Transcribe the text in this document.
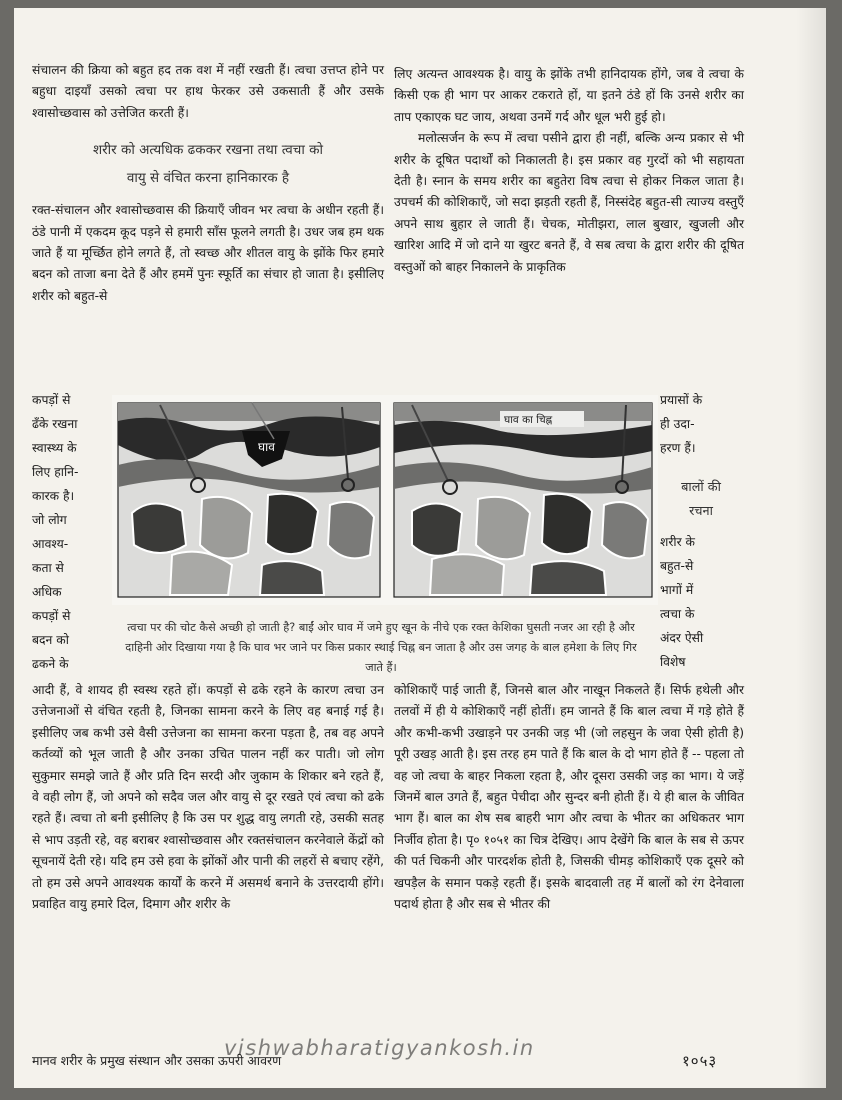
संचालन की क्रिया को बहुत हद तक वश में नहीं रखती हैं। त्वचा उत्तप्त होने पर बहुधा दाइयाँ उसको त्वचा पर हाथ फेरकर उसे उकसाती हैं और उसके श्वासोच्छवास को उत्तेजित करती हैं।

शरीर को अत्यधिक ढककर रखना तथा त्वचा को
वायु से वंचित करना हानिकारक है

रक्त-संचालन और श्वासोच्छवास की क्रियाएँ जीवन भर त्वचा के अधीन रहती हैं। ठंडे पानी में एकदम कूद पड़ने से हमारी साँस फूलने लगती है। उधर जब हम थक जाते हैं या मूर्च्छित होने लगते हैं, तो स्वच्छ और शीतल वायु के झोंके फिर हमारे बदन को ताजा बना देते हैं और हममें पुनः स्फूर्ति का संचार हो जाता है। इसीलिए शरीर को बहुत-से

लिए अत्यन्त आवश्यक है। वायु के झोंके तभी हानिदायक होंगे, जब वे त्वचा के किसी एक ही भाग पर आकर टकराते हों, या इतने ठंडे हों कि उनसे शरीर का ताप एकाएक घट जाय, अथवा उनमें गर्द और धूल भरी हुई हो।

मलोत्सर्जन के रूप में त्वचा पसीने द्वारा ही नहीं, बल्कि अन्य प्रकार से भी शरीर के दूषित पदार्थों को निकालती है। इस प्रकार वह गुरदों को भी सहायता देती है। स्नान के समय शरीर का बहुतेरा विष त्वचा से होकर निकल जाता है। उपचर्म की कोशिकाएँ, जो सदा झड़ती रहती हैं, निस्संदेह बहुत-सी त्याज्य वस्तुएँ अपने साथ बुहार ले जाती हैं। चेचक, मोतीझरा, लाल बुखार, खुजली और खारिश आदि में जो दाने या खुरट बनते हैं, वे सब त्वचा के द्वारा शरीर की दूषित वस्तुओं को बाहर निकालने के प्राकृतिक

कपड़ों से
ढँके रखना
स्वास्थ्य के
लिए हानि-
कारक है।
जो लोग
आवश्य-
कता से
अधिक
कपड़ों से
बदन को
ढकने के
प्रयासों के
ही उदा-
हरण हैं।
बालों की
रचना
शरीर के
बहुत-से
भागों में
त्वचा के
अंदर ऐसी
विशेष
घाव
घाव का चिह्न
त्वचा पर की चोट कैसे अच्छी हो जाती है? बाईं ओर घाव में जमे हुए खून के नीचे एक रक्त केशिका घुसती नजर आ रही है और दाहिनी ओर दिखाया गया है कि घाव भर जाने पर किस प्रकार स्थाई चिह्न बन जाता है और उस जगह के बाल हमेशा के लिए गिर जाते हैं।

आदी हैं, वे शायद ही स्वस्थ रहते हों। कपड़ों से ढके रहने के कारण त्वचा उन उत्तेजनाओं से वंचित रहती है, जिनका सामना करने के लिए वह बनाई गई है। इसीलिए जब कभी उसे वैसी उत्तेजना का सामना करना पड़ता है, तब वह अपने कर्तव्यों को भूल जाती है और उनका उचित पालन नहीं कर पाती। जो लोग सुकुमार समझे जाते हैं और प्रति दिन सरदी और जुकाम के शिकार बने रहते हैं, वे वही लोग हैं, जो अपने को सदैव जल और वायु से दूर रखते एवं त्वचा को ढके रहते हैं। त्वचा तो बनी इसीलिए है कि उस पर शुद्ध वायु लगती रहे, उसकी सतह से भाप उड़ती रहे, वह बराबर श्वासोच्छवास और रक्तसंचालन करनेवाले केंद्रों को सूचनायें देती रहे। यदि हम उसे हवा के झोंकों और पानी की लहरों से बचाए रहेंगे, तो हम उसे अपने आवश्यक कार्यों के करने में असमर्थ बनाने के उत्तरदायी होंगे। प्रवाहित वायु हमारे दिल, दिमाग और शरीर के

कोशिकाएँ पाई जाती हैं, जिनसे बाल और नाखून निकलते हैं। सिर्फ हथेली और तलवों में ही ये कोशिकाएँ नहीं होतीं। हम जानते हैं कि बाल त्वचा में गड़े होते हैं और कभी-कभी उखाड़ने पर उनकी जड़ भी (जो लहसुन के जवा ऐसी होती है) पूरी उखड़ आती है। इस तरह हम पाते हैं कि बाल के दो भाग होते हैं -- पहला तो वह जो त्वचा के बाहर निकला रहता है, और दूसरा उसकी जड़ का भाग। ये जड़ें जिनमें बाल उगते हैं, बहुत पेचीदा और सुन्दर बनी होती हैं। ये ही बाल के जीवित भाग हैं। बाल का शेष सब बाहरी भाग और त्वचा के भीतर का अधिकतर भाग निर्जीव होता है। पृ० १०५१ का चित्र देखिए। आप देखेंगे कि बाल के सब से ऊपर की पर्त चिकनी और पारदर्शक होती है, जिसकी चीमड़ कोशिकाएँ एक दूसरे को खपड़ैल के समान पकड़े रहती हैं। इसके बादवाली तह में बालों को रंग देनेवाला पदार्थ होता है और सब से भीतर की

मानव शरीर के प्रमुख संस्थान और उसका ऊपरी आवरण
vishwabharatigyankosh.in
१०५३
